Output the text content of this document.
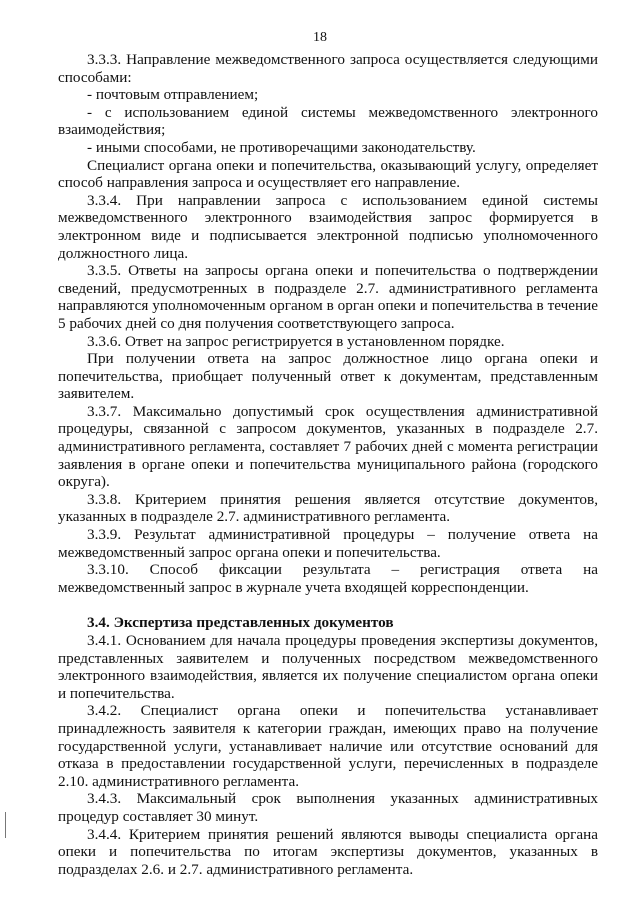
18

3.3.3. Направление межведомственного запроса осуществляется следующими способами:

- почтовым отправлением;

- с использованием единой системы межведомственного электронного взаимодействия;

- иными способами, не противоречащими законодательству.

Специалист органа опеки и попечительства, оказывающий услугу, определяет способ направления запроса и осуществляет его направление.

3.3.4. При направлении запроса с использованием единой системы межведомственного электронного взаимодействия запрос формируется в электронном виде и подписывается электронной подписью уполномоченного должностного лица.

3.3.5. Ответы на запросы органа опеки и попечительства о подтверждении сведений, предусмотренных в подразделе 2.7. административного регламента направляются уполномоченным органом в орган опеки и попечительства в течение 5 рабочих дней со дня получения соответствующего запроса.

3.3.6. Ответ на запрос регистрируется в установленном порядке.

При получении ответа на запрос должностное лицо органа опеки и попечительства, приобщает полученный ответ к документам, представленным заявителем.

3.3.7. Максимально допустимый срок осуществления административной процедуры, связанной с запросом документов, указанных в подразделе 2.7. административного регламента, составляет 7 рабочих дней с момента регистрации заявления в органе опеки и попечительства муниципального района (городского округа).

3.3.8. Критерием принятия решения является отсутствие документов, указанных в подразделе 2.7. административного регламента.

3.3.9. Результат административной процедуры – получение ответа на межведомственный запрос органа опеки и попечительства.

3.3.10. Способ фиксации результата – регистрация ответа на межведомственный запрос в журнале учета входящей корреспонденции.

3.4. Экспертиза представленных документов

3.4.1. Основанием для начала процедуры проведения экспертизы документов, представленных заявителем и полученных посредством межведомственного электронного взаимодействия, является их получение специалистом органа опеки и попечительства.

3.4.2. Специалист органа опеки и попечительства устанавливает принадлежность заявителя к категории граждан, имеющих право на получение государственной услуги, устанавливает наличие или отсутствие оснований для отказа в предоставлении государственной услуги, перечисленных в подразделе 2.10. административного регламента.

3.4.3. Максимальный срок выполнения указанных административных процедур составляет 30 минут.

3.4.4. Критерием принятия решений являются выводы специалиста органа опеки и попечительства по итогам экспертизы документов, указанных в подразделах 2.6. и 2.7. административного регламента.
